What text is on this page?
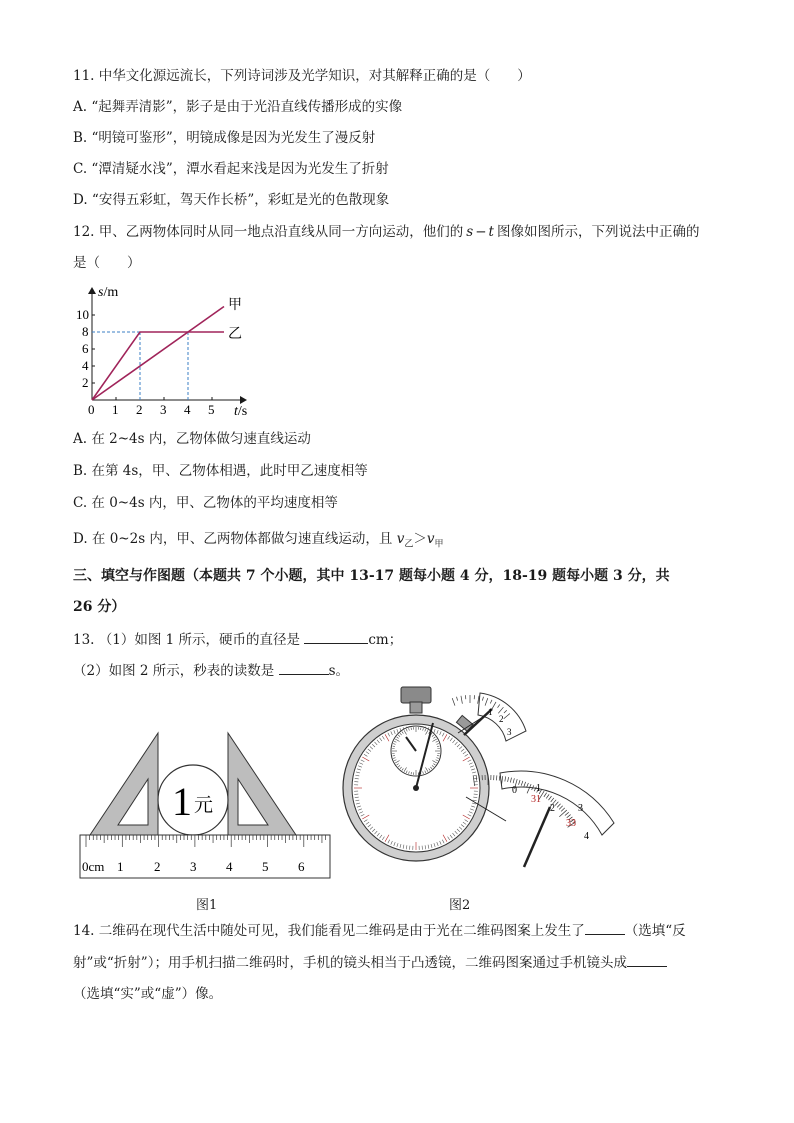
11. 中华文化源远流长，下列诗词涉及光学知识，对其解释正确的是（　　）
A. “起舞弄清影”，影子是由于光沿直线传播形成的实像
B. “明镜可鉴形”，明镜成像是因为光发生了漫反射
C. “潭清疑水浅”，潭水看起来浅是因为光发生了折射
D. “安得五彩虹，驾天作长桥”，彩虹是光的色散现象
12. 甲、乙两物体同时从同一地点沿直线从同一方向运动，他们的 s − t 图像如图所示，下列说法中正确的
是（　　）
0 1 2 3 4 5
10
8
6
4
2
s/m
t/s
甲
乙
A. 在 2~4s 内，乙物体做匀速直线运动
B. 在第 4s，甲、乙物体相遇，此时甲乙速度相等
C. 在 0~4s 内，甲、乙物体的平均速度相等
D. 在 0~2s 内，甲、乙两物体都做匀速直线运动，且 $v_乙>v_甲$
三、填空与作图题（本题共 7 个小题，其中 13-17 题每小题 4 分，18-19 题每小题 3 分，共
26 分）
13. （1）如图 1 所示，硬币的直径是	cm；
（2）如图 2 所示，秒表的读数是	s。
1 元
0cm 1 2 3 4 5 6
图1
1
2
3
0
31
1
2
33
3
4
图2
14. 二维码在现代生活中随处可见，我们能看见二维码是由于光在二维码图案上发生了	（选填“反
射”或“折射”）；用手机扫描二维码时，手机的镜头相当于凸透镜，二维码图案通过手机镜头成
（选填“实”或“虚”）像。
